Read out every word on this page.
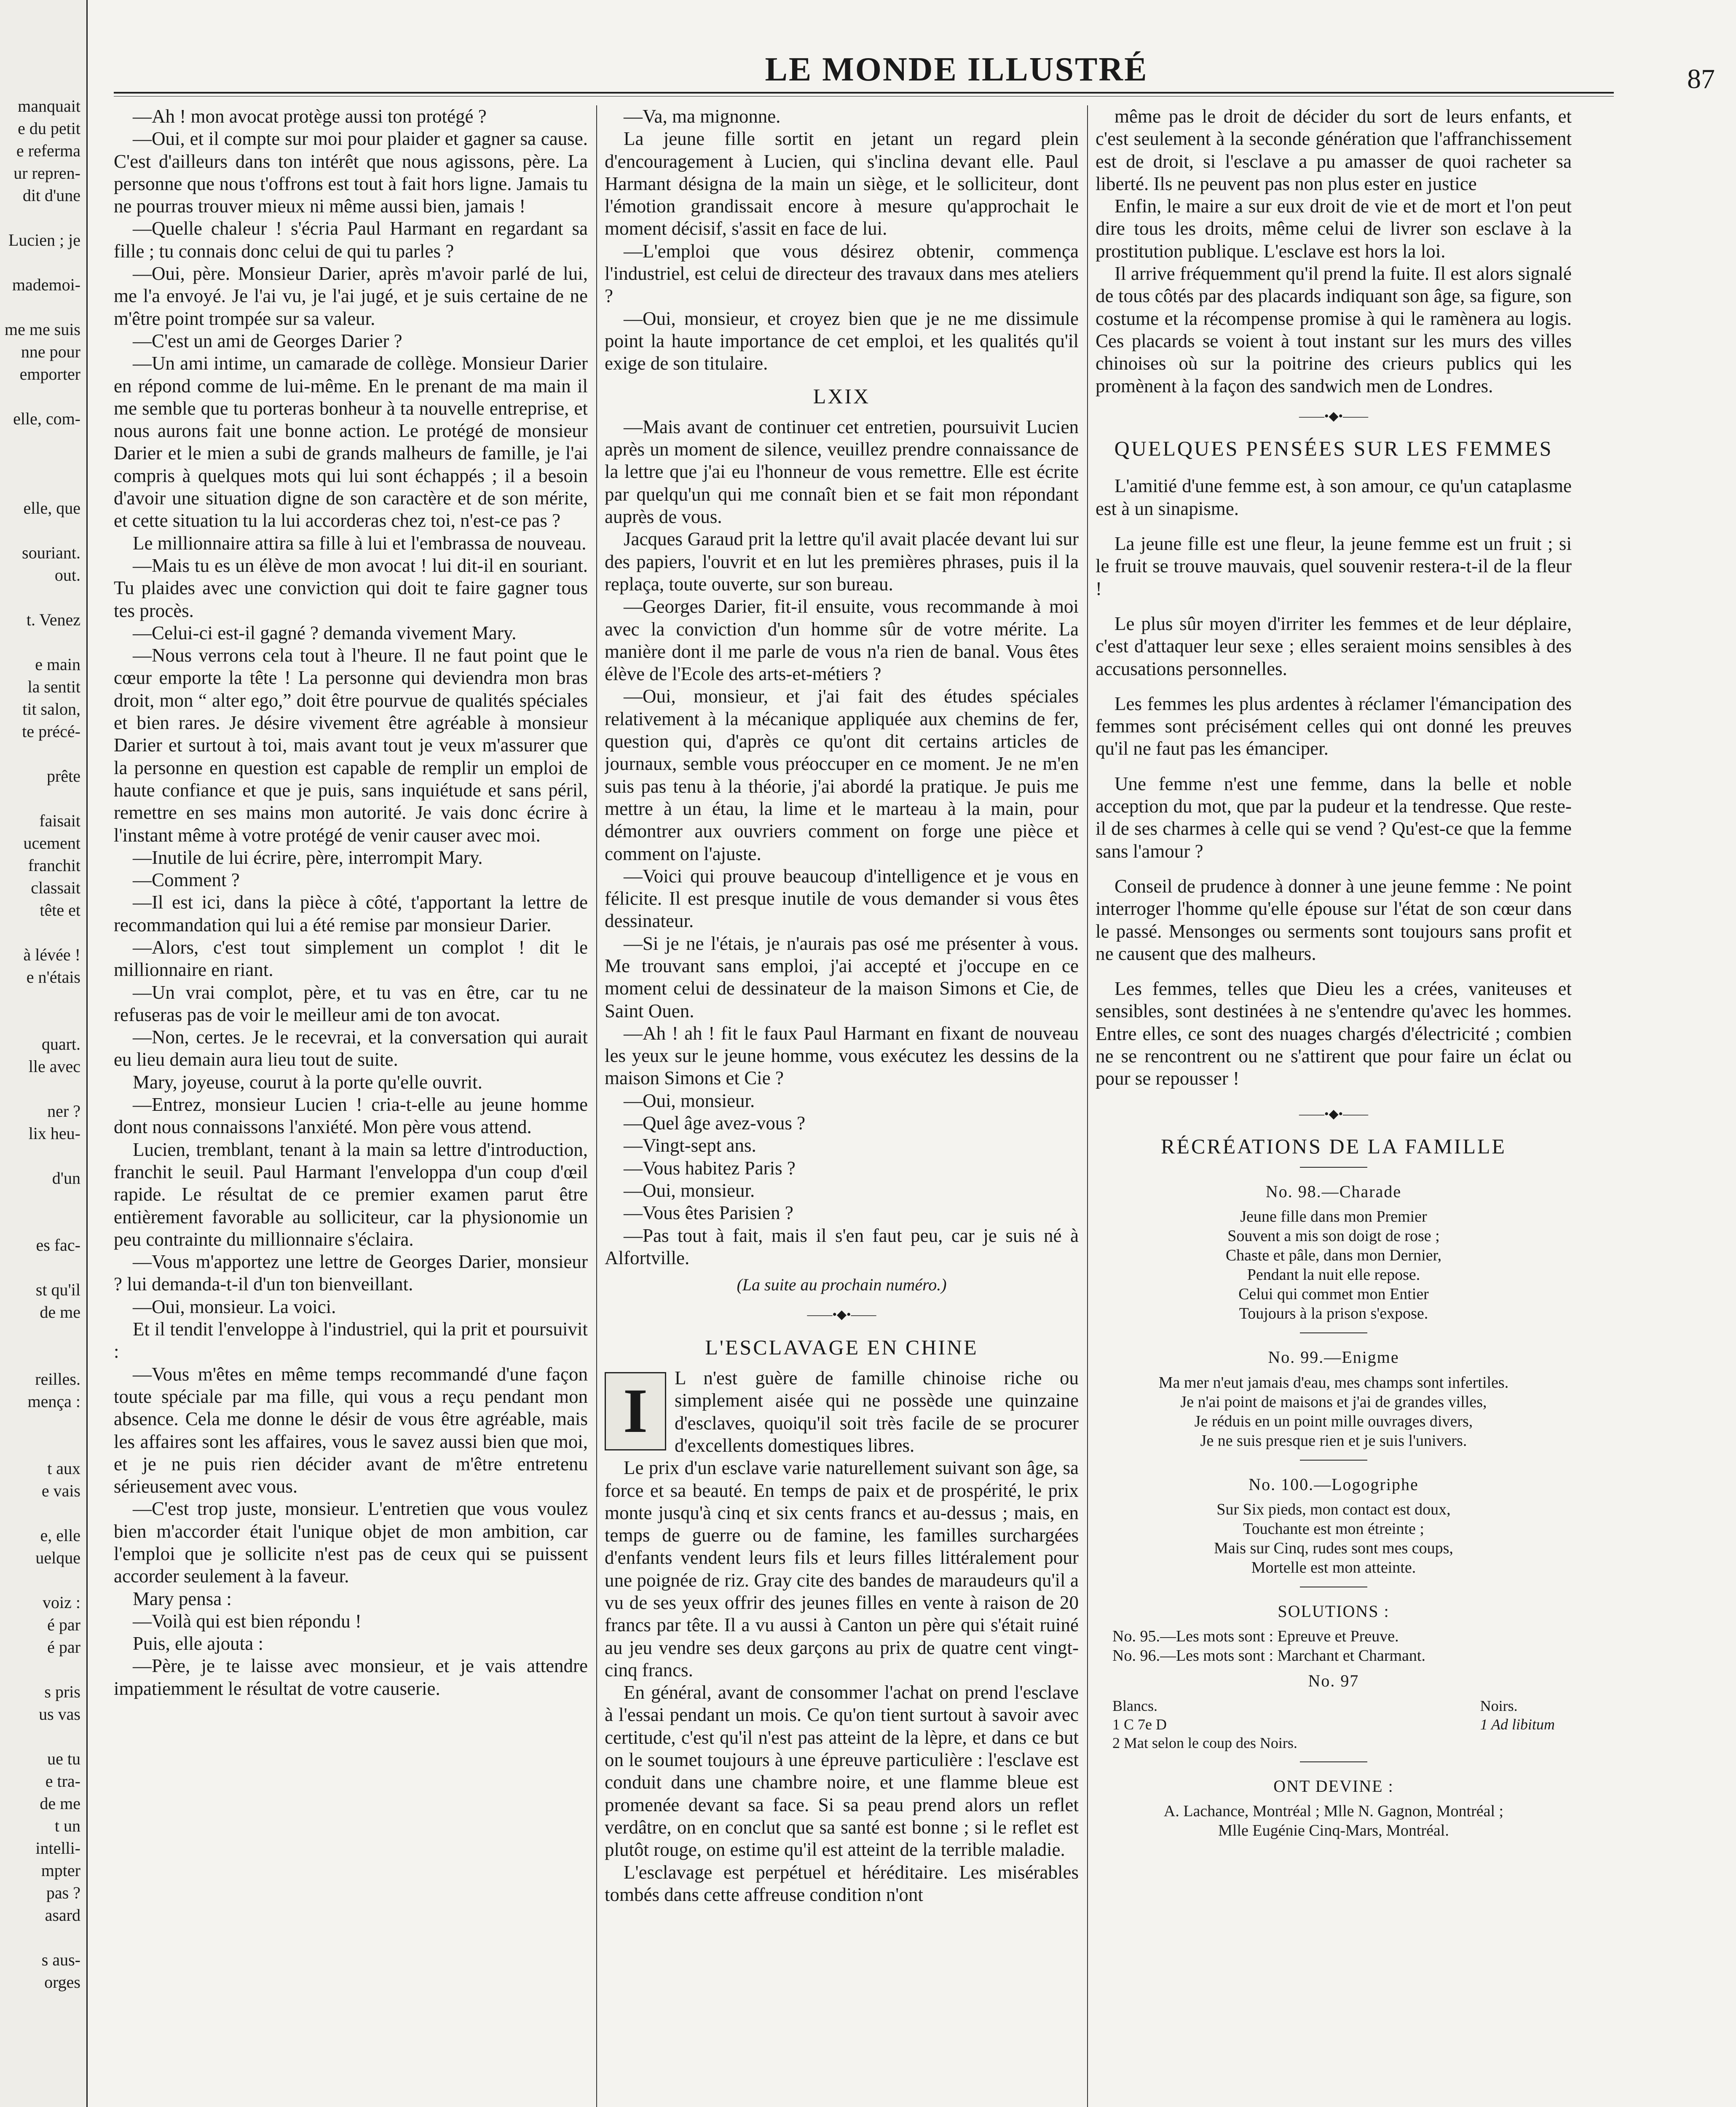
manquait
e du petit
e referma
ur repren-
dit d'une
Lucien ; je
mademoi-
me me suis
nne pour
emporter
elle, com-
elle, que
souriant.
out.
t. Venez
e main
la sentit
tit salon,
te précé-
prête
faisait
ucement
franchit
classait
tête et
à lévée !
e n'étais
quart.
lle avec
ner ?
lix heu-
d'un
es fac-
st qu'il
de me
reilles.
mença :
t aux
e vais
e, elle
uelque
voiz :
é par
é par
s pris
us vas
ue tu
e tra-
de me
t un
intelli-
mpter
pas ?
asard
s aus-
orges
LE MONDE ILLUSTRÉ	87

—Ah ! mon avocat protège aussi ton protégé ?

—Oui, et il compte sur moi pour plaider et gagner sa cause. C'est d'ailleurs dans ton intérêt que nous agissons, père. La personne que nous t'offrons est tout à fait hors ligne. Jamais tu ne pourras trouver mieux ni même aussi bien, jamais !

—Quelle chaleur ! s'écria Paul Harmant en regardant sa fille ; tu connais donc celui de qui tu parles ?

—Oui, père. Monsieur Darier, après m'avoir parlé de lui, me l'a envoyé. Je l'ai vu, je l'ai jugé, et je suis certaine de ne m'être point trompée sur sa valeur.

—C'est un ami de Georges Darier ?

—Un ami intime, un camarade de collège. Monsieur Darier en répond comme de lui-même. En le prenant de ma main il me semble que tu porteras bonheur à ta nouvelle entreprise, et nous aurons fait une bonne action. Le protégé de monsieur Darier et le mien a subi de grands malheurs de famille, je l'ai compris à quelques mots qui lui sont échappés ; il a besoin d'avoir une situation digne de son caractère et de son mérite, et cette situation tu la lui accorderas chez toi, n'est-ce pas ?

Le millionnaire attira sa fille à lui et l'embrassa de nouveau.

—Mais tu es un élève de mon avocat ! lui dit-il en souriant. Tu plaides avec une conviction qui doit te faire gagner tous tes procès.

—Celui-ci est-il gagné ? demanda vivement Mary.

—Nous verrons cela tout à l'heure. Il ne faut point que le cœur emporte la tête ! La personne qui deviendra mon bras droit, mon “ alter ego,” doit être pourvue de qualités spéciales et bien rares. Je désire vivement être agréable à monsieur Darier et surtout à toi, mais avant tout je veux m'assurer que la personne en question est capable de remplir un emploi de haute confiance et que je puis, sans inquiétude et sans péril, remettre en ses mains mon autorité. Je vais donc écrire à l'instant même à votre protégé de venir causer avec moi.

—Inutile de lui écrire, père, interrompit Mary.

—Comment ?

—Il est ici, dans la pièce à côté, t'apportant la lettre de recommandation qui lui a été remise par monsieur Darier.

—Alors, c'est tout simplement un complot ! dit le millionnaire en riant.

—Un vrai complot, père, et tu vas en être, car tu ne refuseras pas de voir le meilleur ami de ton avocat.

—Non, certes. Je le recevrai, et la conversation qui aurait eu lieu demain aura lieu tout de suite.

Mary, joyeuse, courut à la porte qu'elle ouvrit.

—Entrez, monsieur Lucien ! cria-t-elle au jeune homme dont nous connaissons l'anxiété. Mon père vous attend.

Lucien, tremblant, tenant à la main sa lettre d'introduction, franchit le seuil. Paul Harmant l'enveloppa d'un coup d'œil rapide. Le résultat de ce premier examen parut être entièrement favorable au solliciteur, car la physionomie un peu contrainte du millionnaire s'éclaira.

—Vous m'apportez une lettre de Georges Darier, monsieur ? lui demanda-t-il d'un ton bienveillant.

—Oui, monsieur. La voici.

Et il tendit l'enveloppe à l'industriel, qui la prit et poursuivit :

—Vous m'êtes en même temps recommandé d'une façon toute spéciale par ma fille, qui vous a reçu pendant mon absence. Cela me donne le désir de vous être agréable, mais les affaires sont les affaires, vous le savez aussi bien que moi, et je ne puis rien décider avant de m'être entretenu sérieusement avec vous.

—C'est trop juste, monsieur. L'entretien que vous voulez bien m'accorder était l'unique objet de mon ambition, car l'emploi que je sollicite n'est pas de ceux qui se puissent accorder seulement à la faveur.

Mary pensa :

—Voilà qui est bien répondu !

Puis, elle ajouta :

—Père, je te laisse avec monsieur, et je vais attendre impatiemment le résultat de votre causerie.

—Va, ma mignonne.

La jeune fille sortit en jetant un regard plein d'encouragement à Lucien, qui s'inclina devant elle. Paul Harmant désigna de la main un siège, et le solliciteur, dont l'émotion grandissait encore à mesure qu'approchait le moment décisif, s'assit en face de lui.

—L'emploi que vous désirez obtenir, commença l'industriel, est celui de directeur des travaux dans mes ateliers ?

—Oui, monsieur, et croyez bien que je ne me dissimule point la haute importance de cet emploi, et les qualités qu'il exige de son titulaire.

LXIX

—Mais avant de continuer cet entretien, poursuivit Lucien après un moment de silence, veuillez prendre connaissance de la lettre que j'ai eu l'honneur de vous remettre. Elle est écrite par quelqu'un qui me connaît bien et se fait mon répondant auprès de vous.

Jacques Garaud prit la lettre qu'il avait placée devant lui sur des papiers, l'ouvrit et en lut les premières phrases, puis il la replaça, toute ouverte, sur son bureau.

—Georges Darier, fit-il ensuite, vous recommande à moi avec la conviction d'un homme sûr de votre mérite. La manière dont il me parle de vous n'a rien de banal. Vous êtes élève de l'Ecole des arts-et-métiers ?

—Oui, monsieur, et j'ai fait des études spéciales relativement à la mécanique appliquée aux chemins de fer, question qui, d'après ce qu'ont dit certains articles de journaux, semble vous préoccuper en ce moment. Je ne m'en suis pas tenu à la théorie, j'ai abordé la pratique. Je puis me mettre à un étau, la lime et le marteau à la main, pour démontrer aux ouvriers comment on forge une pièce et comment on l'ajuste.

—Voici qui prouve beaucoup d'intelligence et je vous en félicite. Il est presque inutile de vous demander si vous êtes dessinateur.

—Si je ne l'étais, je n'aurais pas osé me présenter à vous. Me trouvant sans emploi, j'ai accepté et j'occupe en ce moment celui de dessinateur de la maison Simons et Cie, de Saint Ouen.

—Ah ! ah ! fit le faux Paul Harmant en fixant de nouveau les yeux sur le jeune homme, vous exécutez les dessins de la maison Simons et Cie ?

—Oui, monsieur.

—Quel âge avez-vous ?

—Vingt-sept ans.

—Vous habitez Paris ?

—Oui, monsieur.

—Vous êtes Parisien ?

—Pas tout à fait, mais il s'en faut peu, car je suis né à Alfortville.

(La suite au prochain numéro.)
——•◆•——
L'ESCLAVAGE EN CHINE
I	L n'est guère de famille chinoise riche ou simplement aisée qui ne possède une quinzaine d'esclaves, quoiqu'il soit très facile de se procurer d'excellents domestiques libres.

Le prix d'un esclave varie naturellement suivant son âge, sa force et sa beauté. En temps de paix et de prospérité, le prix monte jusqu'à cinq et six cents francs et au-dessus ; mais, en temps de guerre ou de famine, les familles surchargées d'enfants vendent leurs fils et leurs filles littéralement pour une poignée de riz. Gray cite des bandes de maraudeurs qu'il a vu de ses yeux offrir des jeunes filles en vente à raison de 20 francs par tête. Il a vu aussi à Canton un père qui s'était ruiné au jeu vendre ses deux garçons au prix de quatre cent vingt-cinq francs.

En général, avant de consommer l'achat on prend l'esclave à l'essai pendant un mois. Ce qu'on tient surtout à savoir avec certitude, c'est qu'il n'est pas atteint de la lèpre, et dans ce but on le soumet toujours à une épreuve particulière : l'esclave est conduit dans une chambre noire, et une flamme bleue est promenée devant sa face. Si sa peau prend alors un reflet verdâtre, on en conclut que sa santé est bonne ; si le reflet est plutôt rouge, on estime qu'il est atteint de la terrible maladie.

L'esclavage est perpétuel et héréditaire. Les misérables tombés dans cette affreuse condition n'ont

même pas le droit de décider du sort de leurs enfants, et c'est seulement à la seconde génération que l'affranchissement est de droit, si l'esclave a pu amasser de quoi racheter sa liberté. Ils ne peuvent pas non plus ester en justice

Enfin, le maire a sur eux droit de vie et de mort et l'on peut dire tous les droits, même celui de livrer son esclave à la prostitution publique. L'esclave est hors la loi.

Il arrive fréquemment qu'il prend la fuite. Il est alors signalé de tous côtés par des placards indiquant son âge, sa figure, son costume et la récompense promise à qui le ramènera au logis. Ces placards se voient à tout instant sur les murs des villes chinoises où sur la poitrine des crieurs publics qui les promènent à la façon des sandwich men de Londres.

——•◆•——
QUELQUES PENSÉES SUR LES FEMMES

L'amitié d'une femme est, à son amour, ce qu'un cataplasme est à un sinapisme.

La jeune fille est une fleur, la jeune femme est un fruit ; si le fruit se trouve mauvais, quel souvenir restera-t-il de la fleur !

Le plus sûr moyen d'irriter les femmes et de leur déplaire, c'est d'attaquer leur sexe ; elles seraient moins sensibles à des accusations personnelles.

Les femmes les plus ardentes à réclamer l'émancipation des femmes sont précisément celles qui ont donné les preuves qu'il ne faut pas les émanciper.

Une femme n'est une femme, dans la belle et noble acception du mot, que par la pudeur et la tendresse. Que reste-il de ses charmes à celle qui se vend ? Qu'est-ce que la femme sans l'amour ?

Conseil de prudence à donner à une jeune femme : Ne point interroger l'homme qu'elle épouse sur l'état de son cœur dans le passé. Mensonges ou serments sont toujours sans profit et ne causent que des malheurs.

Les femmes, telles que Dieu les a crées, vaniteuses et sensibles, sont destinées à ne s'entendre qu'avec les hommes. Entre elles, ce sont des nuages chargés d'électricité ; combien ne se rencontrent ou ne s'attirent que pour faire un éclat ou pour se repousser !

——•◆•——
RÉCRÉATIONS DE LA FAMILLE
No. 98.—Charade
Jeune fille dans mon Premier
Souvent a mis son doigt de rose ;
Chaste et pâle, dans mon Dernier,
Pendant la nuit elle repose.
Celui qui commet mon Entier
Toujours à la prison s'expose.
No. 99.—Enigme
Ma mer n'eut jamais d'eau, mes champs sont infertiles.
Je n'ai point de maisons et j'ai de grandes villes,
Je réduis en un point mille ouvrages divers,
Je ne suis presque rien et je suis l'univers.
No. 100.—Logogriphe
Sur Six pieds, mon contact est doux,
Touchante est mon étreinte ;
Mais sur Cinq, rudes sont mes coups,
Mortelle est mon atteinte.
SOLUTIONS :
No. 95.—Les mots sont : Epreuve et Preuve.
No. 96.—Les mots sont : Marchant et Charmant.
No. 97
Blancs.
1 C 7e D
2 Mat selon le coup des Noirs.
Noirs.
1 Ad libitum
ONT DEVINE :
A. Lachance, Montréal ; Mlle N. Gagnon, Montréal ;
Mlle Eugénie Cinq-Mars, Montréal.
